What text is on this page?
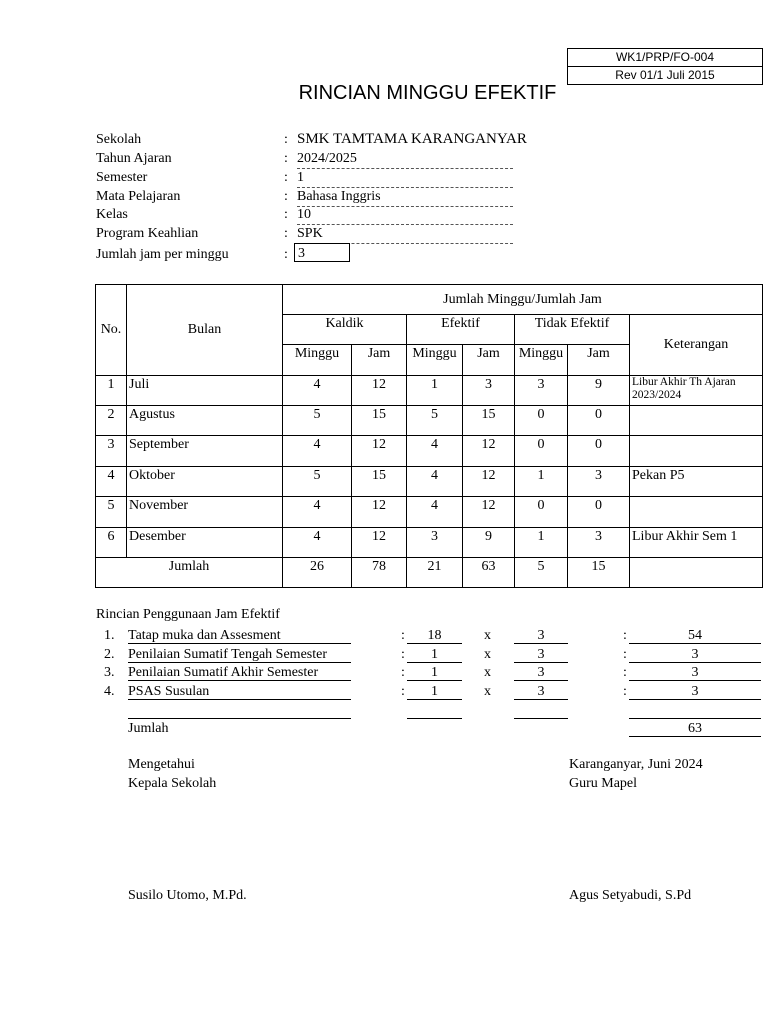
WK1/PRP/FO-004
Rev 01/1 Juli 2015
RINCIAN MINGGU EFEKTIF
Sekolah	: SMK TAMTAMA KARANGANYAR
Tahun Ajaran	: 2024/2025
Semester	: 1
Mata Pelajaran	: Bahasa Inggris
Kelas	: 10
Program Keahlian	: SPK
Jumlah jam per minggu	: 3
No.	Bulan	Jumlah Minggu/Jumlah Jam						
		Kaldik		Efektif		Tidak Efektif		Keterangan
		Minggu	Jam	Minggu	Jam	Minggu	Jam	
1	Juli	4	12	1	3	3	9	Libur Akhir Th Ajaran 2023/2024
2	Agustus	5	15	5	15	0	0	
3	September	4	12	4	12	0	0	
4	Oktober	5	15	4	12	1	3	Pekan P5
5	November	4	12	4	12	0	0	
6	Desember	4	12	3	9	1	3	Libur Akhir Sem 1
Jumlah		26	78	21	63	5	15	
Rincian Penggunaan Jam Efektif
1. Tatap muka dan Assesment	:	18	x	3	:	54
2. Penilaian Sumatif Tengah Semester	:	1	x	3	:	3
3. Penilaian Sumatif Akhir Semester	:	1	x	3	:	3
4. PSAS Susulan	:	1	x	3	:	3
Jumlah	63
Mengetahui
Kepala Sekolah
Susilo Utomo, M.Pd.
Karanganyar, Juni 2024
Guru Mapel
Agus Setyabudi, S.Pd
